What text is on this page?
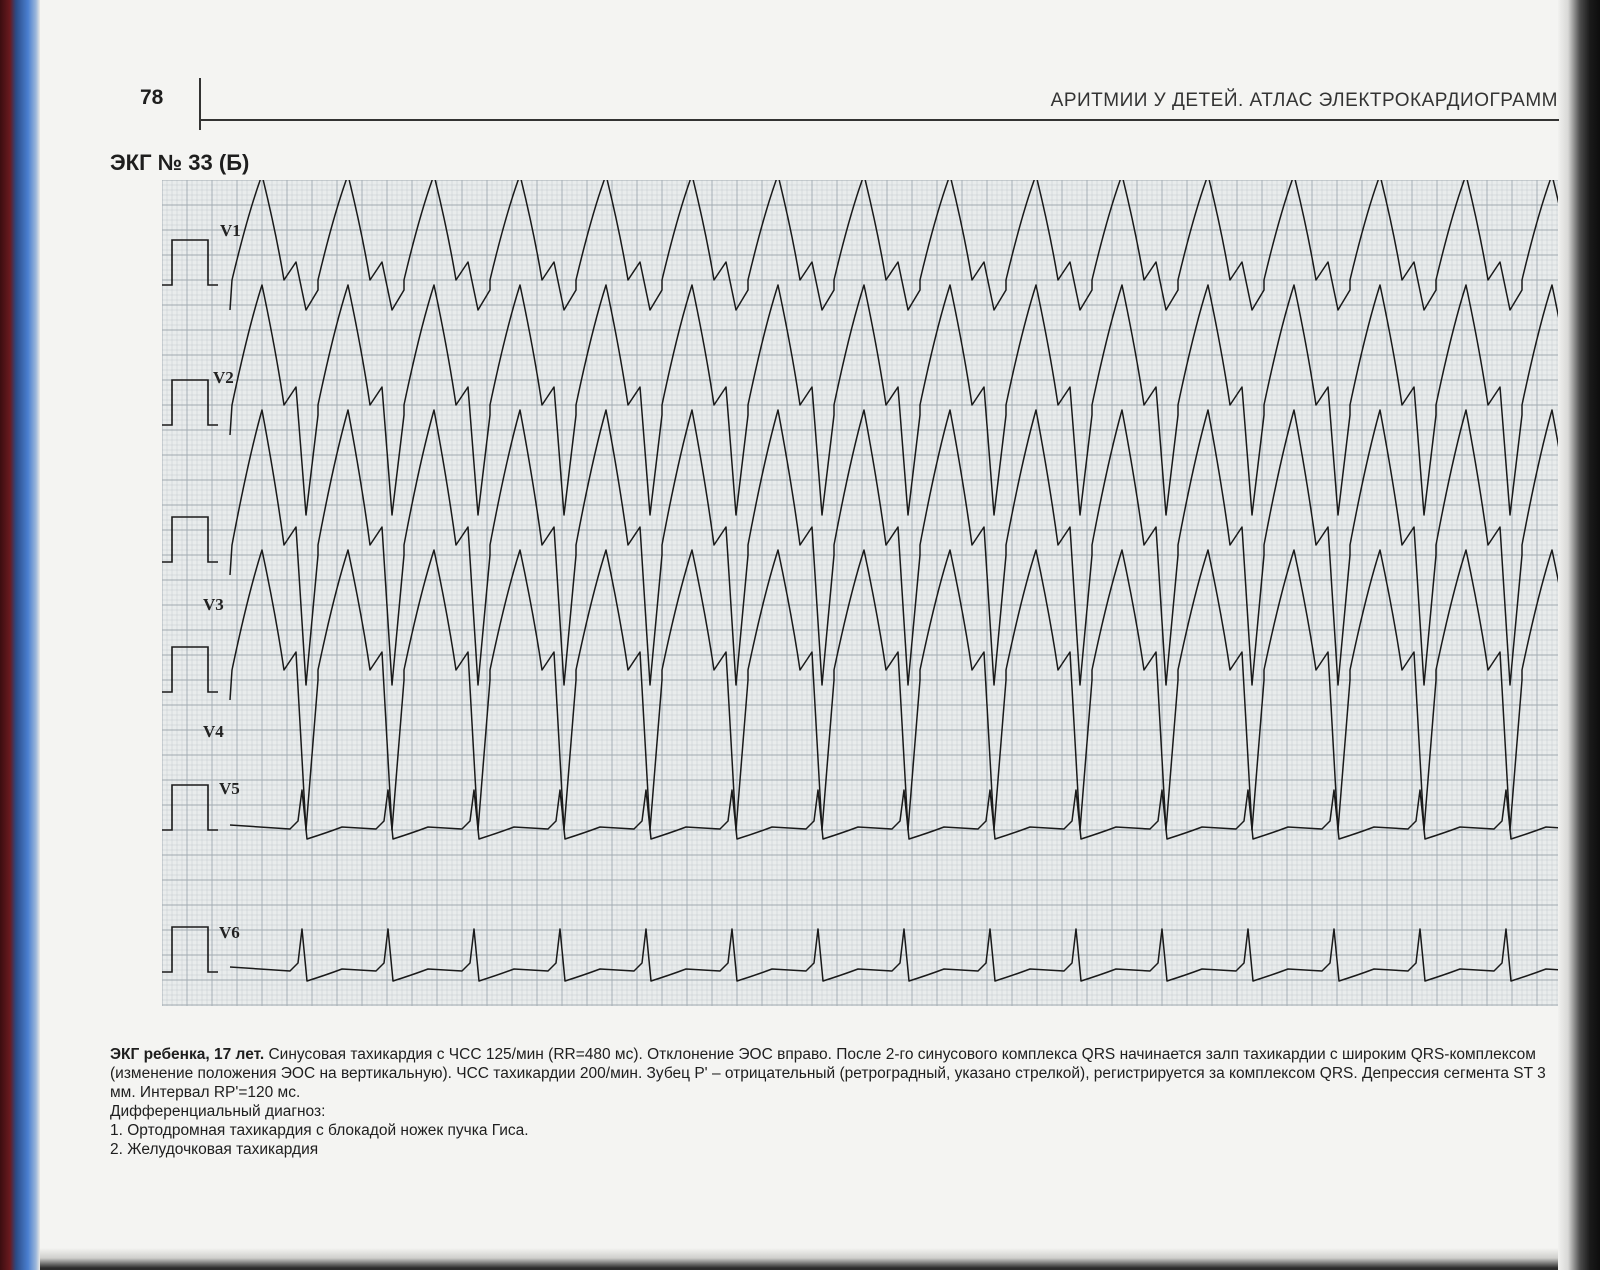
78	АРИТМИИ У ДЕТЕЙ. АТЛАС ЭЛЕКТРОКАРДИОГРАММ
ЭКГ № 33 (Б)
V1
V2
V3
V4
V5
V6

ЭКГ ребенка, 17 лет. Синусовая тахикардия с ЧСС 125/мин (RR=480 мс). Отклонение ЭОС вправо. После 2-го синусового комплекса QRS начинается залп тахикардии с широким QRS-комплексом (изменение положения ЭОС на вертикальную). ЧСС тахикардии 200/мин. Зубец P' – отрицательный (ретроградный, указано стрелкой), регистрируется за комплексом QRS. Депрессия сегмента ST 3 мм. Интервал RP'=120 мс.

Дифференциальный диагноз:

1. Ортодромная тахикардия с блокадой ножек пучка Гиса.

2. Желудочковая тахикардия
